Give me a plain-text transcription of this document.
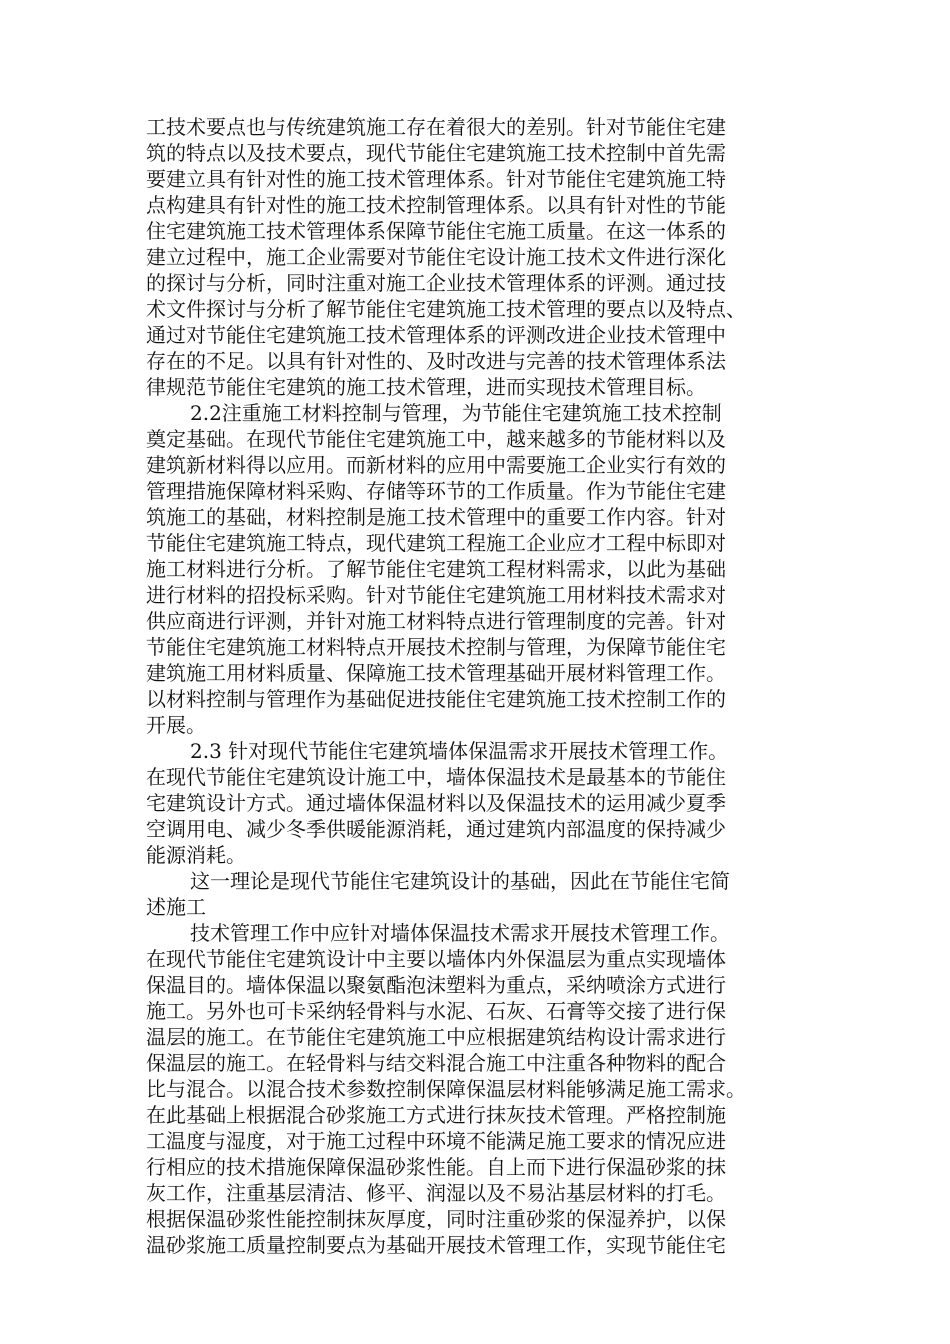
工技术要点也与传统建筑施工存在着很大的差别。针对节能住宅建
筑的特点以及技术要点，现代节能住宅建筑施工技术控制中首先需
要建立具有针对性的施工技术管理体系。针对节能住宅建筑施工特
点构建具有针对性的施工技术控制管理体系。以具有针对性的节能
住宅建筑施工技术管理体系保障节能住宅施工质量。在这一体系的
建立过程中，施工企业需要对节能住宅设计施工技术文件进行深化
的探讨与分析，同时注重对施工企业技术管理体系的评测。通过技
术文件探讨与分析了解节能住宅建筑施工技术管理的要点以及特点、
通过对节能住宅建筑施工技术管理体系的评测改进企业技术管理中
存在的不足。以具有针对性的、及时改进与完善的技术管理体系法
律规范节能住宅建筑的施工技术管理，进而实现技术管理目标。
2.2注重施工材料控制与管理，为节能住宅建筑施工技术控制
奠定基础。在现代节能住宅建筑施工中，越来越多的节能材料以及
建筑新材料得以应用。而新材料的应用中需要施工企业实行有效的
管理措施保障材料采购、存储等环节的工作质量。作为节能住宅建
筑施工的基础，材料控制是施工技术管理中的重要工作内容。针对
节能住宅建筑施工特点，现代建筑工程施工企业应才工程中标即对
施工材料进行分析。了解节能住宅建筑工程材料需求，以此为基础
进行材料的招投标采购。针对节能住宅建筑施工用材料技术需求对
供应商进行评测，并针对施工材料特点进行管理制度的完善。针对
节能住宅建筑施工材料特点开展技术控制与管理，为保障节能住宅
建筑施工用材料质量、保障施工技术管理基础开展材料管理工作。
以材料控制与管理作为基础促进技能住宅建筑施工技术控制工作的
开展。
2.3 针对现代节能住宅建筑墙体保温需求开展技术管理工作。
在现代节能住宅建筑设计施工中，墙体保温技术是最基本的节能住
宅建筑设计方式。通过墙体保温材料以及保温技术的运用减少夏季
空调用电、减少冬季供暖能源消耗，通过建筑内部温度的保持减少
能源消耗。
这一理论是现代节能住宅建筑设计的基础，因此在节能住宅简
述施工
技术管理工作中应针对墙体保温技术需求开展技术管理工作。
在现代节能住宅建筑设计中主要以墙体内外保温层为重点实现墙体
保温目的。墙体保温以聚氨酯泡沫塑料为重点，采纳喷涂方式进行
施工。另外也可卡采纳轻骨料与水泥、石灰、石膏等交接了进行保
温层的施工。在节能住宅建筑施工中应根据建筑结构设计需求进行
保温层的施工。在轻骨料与结交料混合施工中注重各种物料的配合
比与混合。以混合技术参数控制保障保温层材料能够满足施工需求。
在此基础上根据混合砂浆施工方式进行抹灰技术管理。严格控制施
工温度与湿度，对于施工过程中环境不能满足施工要求的情况应进
行相应的技术措施保障保温砂浆性能。自上而下进行保温砂浆的抹
灰工作，注重基层清洁、修平、润湿以及不易沾基层材料的打毛。
根据保温砂浆性能控制抹灰厚度，同时注重砂浆的保湿养护，以保
温砂浆施工质量控制要点为基础开展技术管理工作，实现节能住宅
